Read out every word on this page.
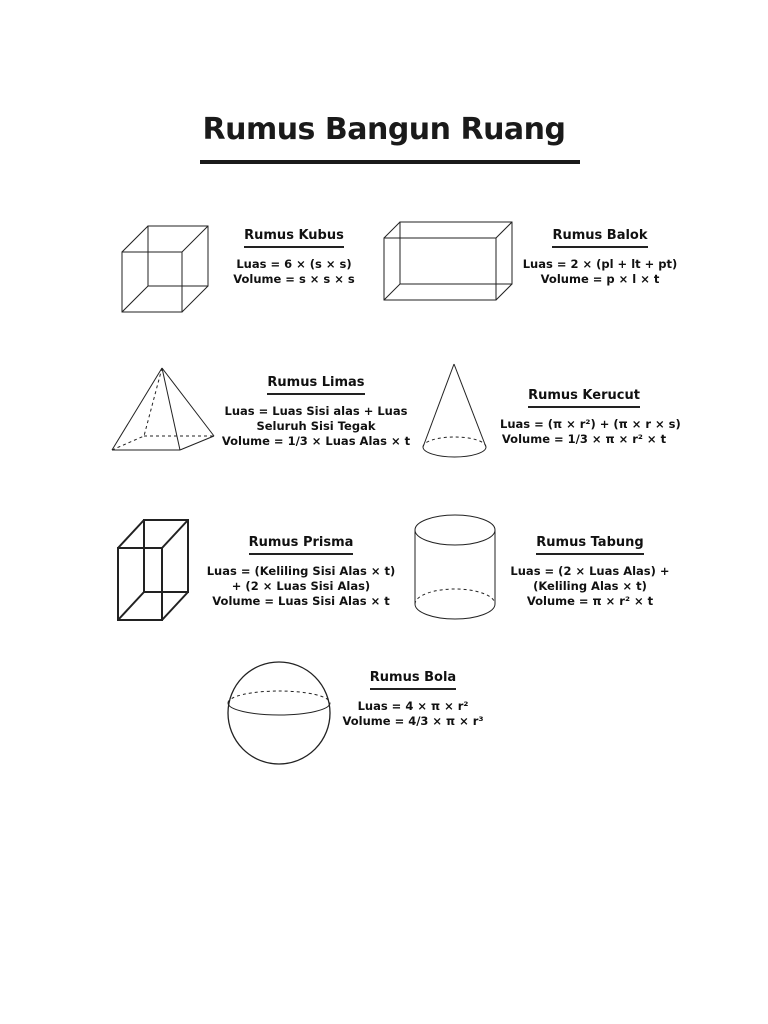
Rumus Bangun Ruang
Rumus Kubus
Luas = 6 × (s × s)
Volume = s × s × s
Rumus Balok
Luas = 2 × (pl + lt + pt)
Volume = p × l × t
Rumus Limas
Luas = Luas Sisi alas + Luas
Seluruh Sisi Tegak
Volume = 1/3 × Luas Alas × t
Rumus Kerucut
Luas = (π × r²) + (π × r × s)
Volume = 1/3 × π × r² × t
Rumus Prisma
Luas = (Keliling Sisi Alas × t)
+ (2 × Luas Sisi Alas)
Volume = Luas Sisi Alas × t
Rumus Tabung
Luas = (2 × Luas Alas) +
(Keliling Alas × t)
Volume = π × r² × t
Rumus Bola
Luas = 4 × π × r²
Volume = 4/3 × π × r³
